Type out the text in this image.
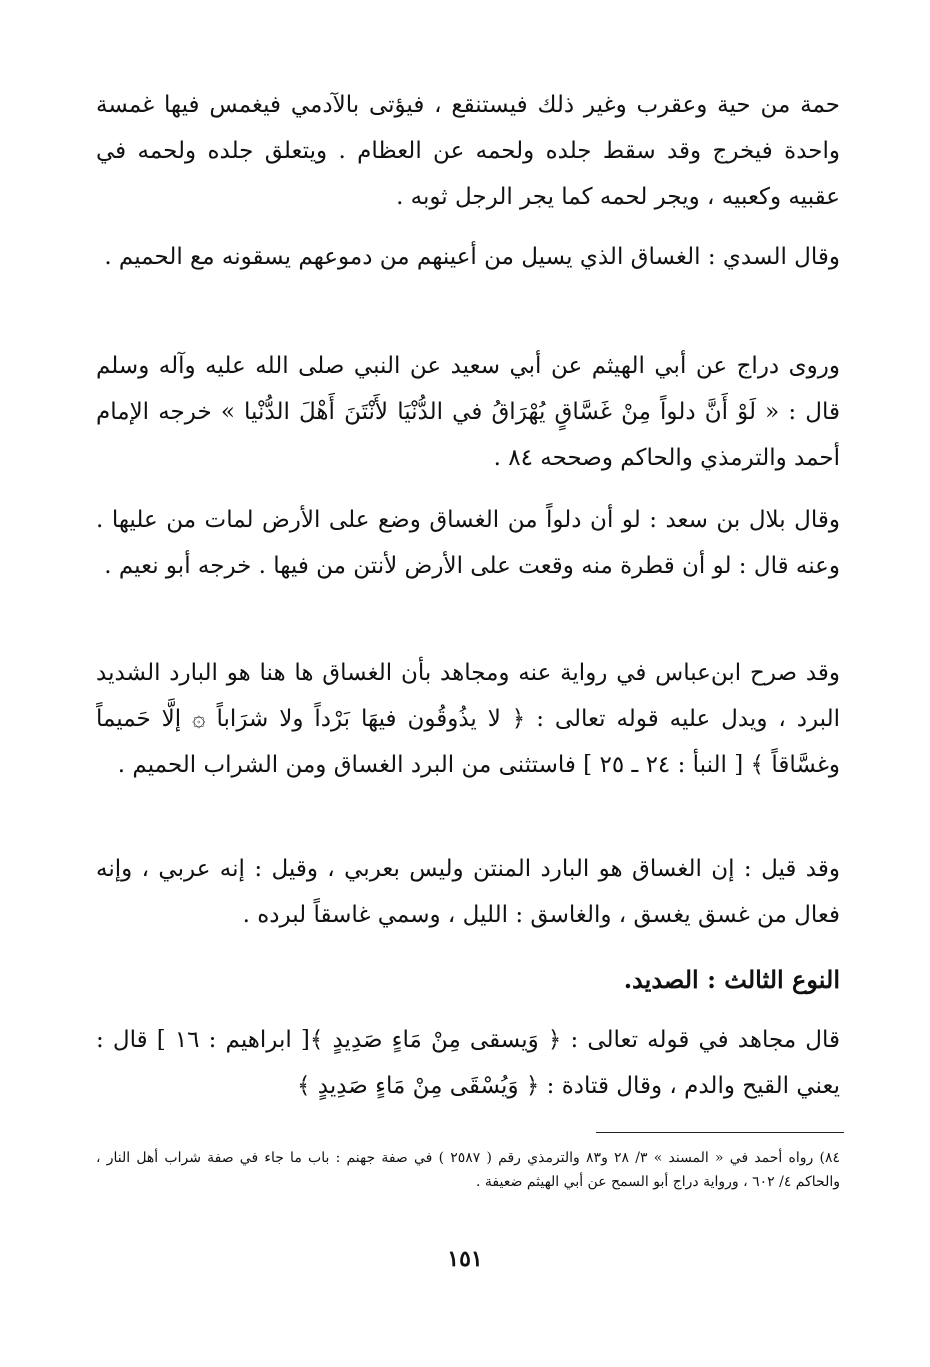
حمة من حية وعقرب وغير ذلك فيستنقع ، فيؤتى بالآدمي فيغمس فيها غمسة واحدة فيخرج وقد سقط جلده ولحمه عن العظام . ويتعلق جلده ولحمه في عقبيه وكعبيه ، ويجر لحمه كما يجر الرجل ثوبه .

وقال السدي : الغساق الذي يسيل من أعينهم من دموعهم يسقونه مع الحميم .

وروى دراج عن أبي الهيثم عن أبي سعيد عن النبي صلى الله عليه وآله وسلم قال : « لَوْ أَنَّ دلواً مِنْ غَسَّاقٍ يُهْرَاقُ في الدُّنْيَا لأَنْتَنَ أَهْلَ الدُّنْيا » خرجه الإمام أحمد والترمذي والحاكم وصححه ٨٤ .

وقال بلال بن سعد : لو أن دلواً من الغساق وضع على الأرض لمات من عليها . وعنه قال : لو أن قطرة منه وقعت على الأرض لأنتن من فيها . خرجه أبو نعيم .

وقد صرح ابن‌عباس في رواية عنه ومجاهد بأن الغساق ها هنا هو البارد الشديد البرد ، ويدل عليه قوله تعالى : ﴿ لا يذُوقُون فيهَا بَرْداً ولا شرَاباً ۞ إلَّا حَميماً وغسَّاقاً ﴾ [ النبأ : ٢٤ ـ ٢٥ ] فاستثنى من البرد الغساق ومن الشراب الحميم .

وقد قيل : إن الغساق هو البارد المنتن وليس بعربي ، وقيل : إنه عربي ، وإنه فعال من غسق يغسق ، والغاسق : الليل ، وسمي غاسقاً لبرده .

النوع الثالث : الصديد.

قال مجاهد في قوله تعالى : ﴿ وَيسقى مِنْ مَاءٍ صَدِيدٍ ﴾[ ابراهيم : ١٦ ] قال : يعني القيح والدم ، وقال قتادة : ﴿ وَيُسْقَى مِنْ مَاءٍ صَدِيدٍ ﴾

٨٤) رواه أحمد في « المسند » ٣/ ٢٨ و٨٣ والترمذي رقم ( ٢٥٨٧ ) في صفة جهنم : باب ما جاء في صفة شراب أهل النار ، والحاكم ٤/ ٦٠٢ ، ورواية دراج أبو السمح عن أبي الهيثم ضعيفة .

١٥١
